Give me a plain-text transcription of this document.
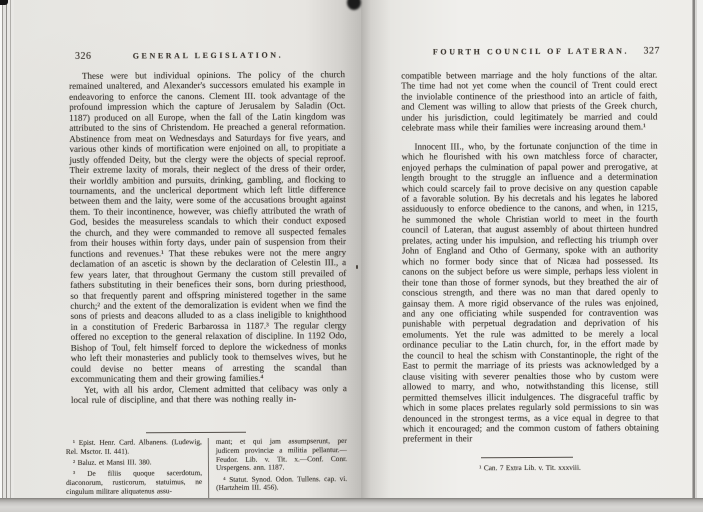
326	GENERAL LEGISLATION.

These were but individual opinions. The policy of the church remained unaltered, and Alexander's successors emulated his example in endeavoring to enforce the canons. Clement III. took advantage of the profound impression which the capture of Jerusalem by Saladin (Oct. 1187) produced on all Europe, when the fall of the Latin kingdom was attributed to the sins of Christendom. He preached a general reformation. Abstinence from meat on Wednesdays and Saturdays for five years, and various other kinds of mortification were enjoined on all, to propitiate a justly offended Deity, but the clergy were the objects of special reproof. Their extreme laxity of morals, their neglect of the dress of their order, their worldly ambition and pursuits, drinking, gambling, and flocking to tournaments, and the unclerical deportment which left little difference between them and the laity, were some of the accusations brought against them. To their incontinence, however, was chiefly attributed the wrath of God, besides the measureless scandals to which their conduct exposed the church, and they were commanded to remove all suspected females from their houses within forty days, under pain of suspension from their functions and revenues.¹ That these rebukes were not the mere angry declamation of an ascetic is shown by the declaration of Celestin III., a few years later, that throughout Germany the custom still prevailed of fathers substituting in their benefices their sons, born during priesthood, so that frequently parent and offspring ministered together in the same church;² and the extent of the demoralization is evident when we find the sons of priests and deacons alluded to as a class ineligible to knighthood in a constitution of Frederic Barbarossa in 1187.³ The regular clergy offered no exception to the general relaxation of discipline. In 1192 Odo, Bishop of Toul, felt himself forced to deplore the wickedness of monks who left their monasteries and publicly took to themselves wives, but he could devise no better means of arresting the scandal than excommunicating them and their growing families.⁴

Yet, with all his ardor, Clement admitted that celibacy was only a local rule of discipline, and that there was nothing really in-

¹ Epist. Henr. Card. Albanens. (Ludewig, Rel. Msctor. II. 441).

² Baluz. et Mansi III. 380.

³ De filiis quoque sacerdotum, diaconorum, rusticorum, statuimus, ne cingulum militare aliquatenus assu-

mant; et qui jam assumpserunt, per judicem provinciæ a militia pellantur.—Feudor. Lib. v. Tit. x.—Conf. Conr. Urspergens. ann. 1187.

⁴ Statut. Synod. Odon. Tullens. cap. vi. (Hartzheim III. 456).

FOURTH COUNCIL OF LATERAN. 327

compatible between marriage and the holy functions of the altar. The time had not yet come when the council of Trent could erect the inviolable continence of the priesthood into an article of faith, and Clement was willing to allow that priests of the Greek church, under his jurisdiction, could legitimately be married and could celebrate mass while their families were increasing around them.¹

Innocent III., who, by the fortunate conjunction of the time in which he flourished with his own matchless force of character, enjoyed perhaps the culmination of papal power and prerogative, at length brought to the struggle an influence and a determination which could scarcely fail to prove decisive on any question capable of a favorable solution. By his decretals and his legates he labored assiduously to enforce obedience to the canons, and when, in 1215, he summoned the whole Christian world to meet in the fourth council of Lateran, that august assembly of about thirteen hundred prelates, acting under his impulsion, and reflecting his triumph over John of England and Otho of Germany, spoke with an authority which no former body since that of Nicæa had possessed. Its canons on the subject before us were simple, perhaps less violent in their tone than those of former synods, but they breathed the air of conscious strength, and there was no man that dared openly to gainsay them. A more rigid observance of the rules was enjoined, and any one officiating while suspended for contravention was punishable with perpetual degradation and deprivation of his emoluments. Yet the rule was admitted to be merely a local ordinance peculiar to the Latin church, for, in the effort made by the council to heal the schism with Constantinople, the right of the East to permit the marriage of its priests was acknowledged by a clause visiting with severer penalties those who by custom were allowed to marry, and who, notwithstanding this license, still permitted themselves illicit indulgences. The disgraceful traffic by which in some places prelates regularly sold permissions to sin was denounced in the strongest terms, as a vice equal in degree to that which it encouraged; and the common custom of fathers obtaining preferment in their

¹ Can. 7 Extra Lib. v. Tit. xxxviii.
